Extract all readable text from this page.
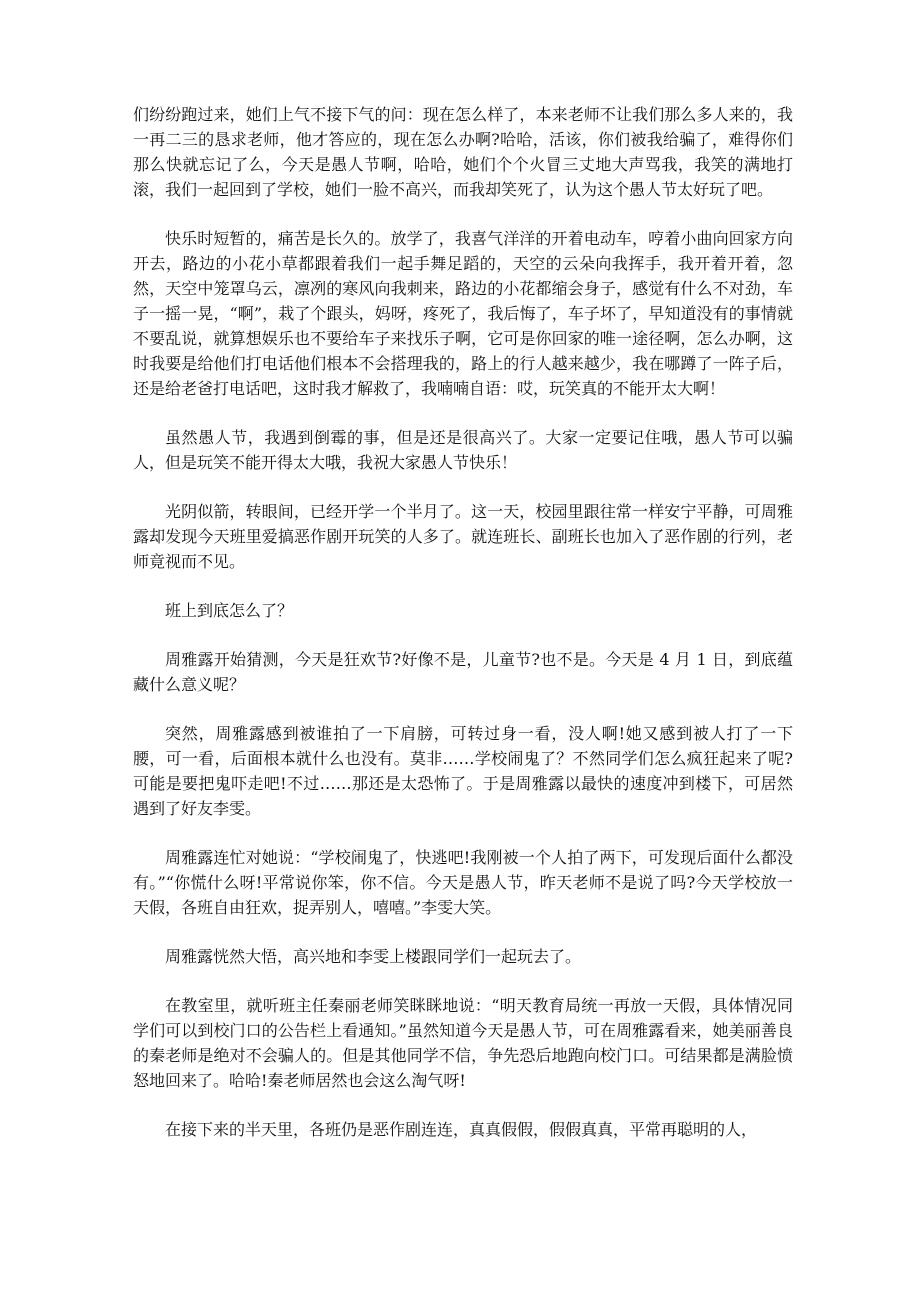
们纷纷跑过来，她们上气不接下气的问：现在怎么样了，本来老师不让我们那么多人来的，我一再二三的恳求老师，他才答应的，现在怎么办啊?哈哈，活该，你们被我给骗了，难得你们那么快就忘记了么，今天是愚人节啊，哈哈，她们个个火冒三丈地大声骂我，我笑的满地打滚，我们一起回到了学校，她们一脸不高兴，而我却笑死了，认为这个愚人节太好玩了吧。

快乐时短暂的，痛苦是长久的。放学了，我喜气洋洋的开着电动车，哼着小曲向回家方向开去，路边的小花小草都跟着我们一起手舞足蹈的，天空的云朵向我挥手，我开着开着，忽然，天空中笼罩乌云，凛冽的寒风向我刺来，路边的小花都缩会身子，感觉有什么不对劲，车子一摇一晃，“啊”，栽了个跟头，妈呀，疼死了，我后悔了，车子坏了，早知道没有的事情就不要乱说，就算想娱乐也不要给车子来找乐子啊，它可是你回家的唯一途径啊，怎么办啊，这时我要是给他们打电话他们根本不会搭理我的，路上的行人越来越少，我在哪蹲了一阵子后，还是给老爸打电话吧，这时我才解救了，我喃喃自语：哎，玩笑真的不能开太大啊！

虽然愚人节，我遇到倒霉的事，但是还是很高兴了。大家一定要记住哦，愚人节可以骗人，但是玩笑不能开得太大哦，我祝大家愚人节快乐！

光阴似箭，转眼间，已经开学一个半月了。这一天，校园里跟往常一样安宁平静，可周雅露却发现今天班里爱搞恶作剧开玩笑的人多了。就连班长、副班长也加入了恶作剧的行列，老师竟视而不见。

班上到底怎么了？

周雅露开始猜测，今天是狂欢节?好像不是，儿童节?也不是。今天是 4 月 1 日，到底蕴藏什么意义呢？

突然，周雅露感到被谁拍了一下肩膀，可转过身一看，没人啊!她又感到被人打了一下腰，可一看，后面根本就什么也没有。莫非……学校闹鬼了？不然同学们怎么疯狂起来了呢?可能是要把鬼吓走吧!不过……那还是太恐怖了。于是周雅露以最快的速度冲到楼下，可居然遇到了好友李雯。

周雅露连忙对她说：“学校闹鬼了，快逃吧!我刚被一个人拍了两下，可发现后面什么都没有。”“你慌什么呀!平常说你笨，你不信。今天是愚人节，昨天老师不是说了吗?今天学校放一天假，各班自由狂欢，捉弄别人，嘻嘻。”李雯大笑。

周雅露恍然大悟，高兴地和李雯上楼跟同学们一起玩去了。

在教室里，就听班主任秦丽老师笑眯眯地说：“明天教育局统一再放一天假，具体情况同学们可以到校门口的公告栏上看通知。”虽然知道今天是愚人节，可在周雅露看来，她美丽善良的秦老师是绝对不会骗人的。但是其他同学不信，争先恐后地跑向校门口。可结果都是满脸愤怒地回来了。哈哈!秦老师居然也会这么淘气呀!

在接下来的半天里，各班仍是恶作剧连连，真真假假，假假真真，平常再聪明的人，
